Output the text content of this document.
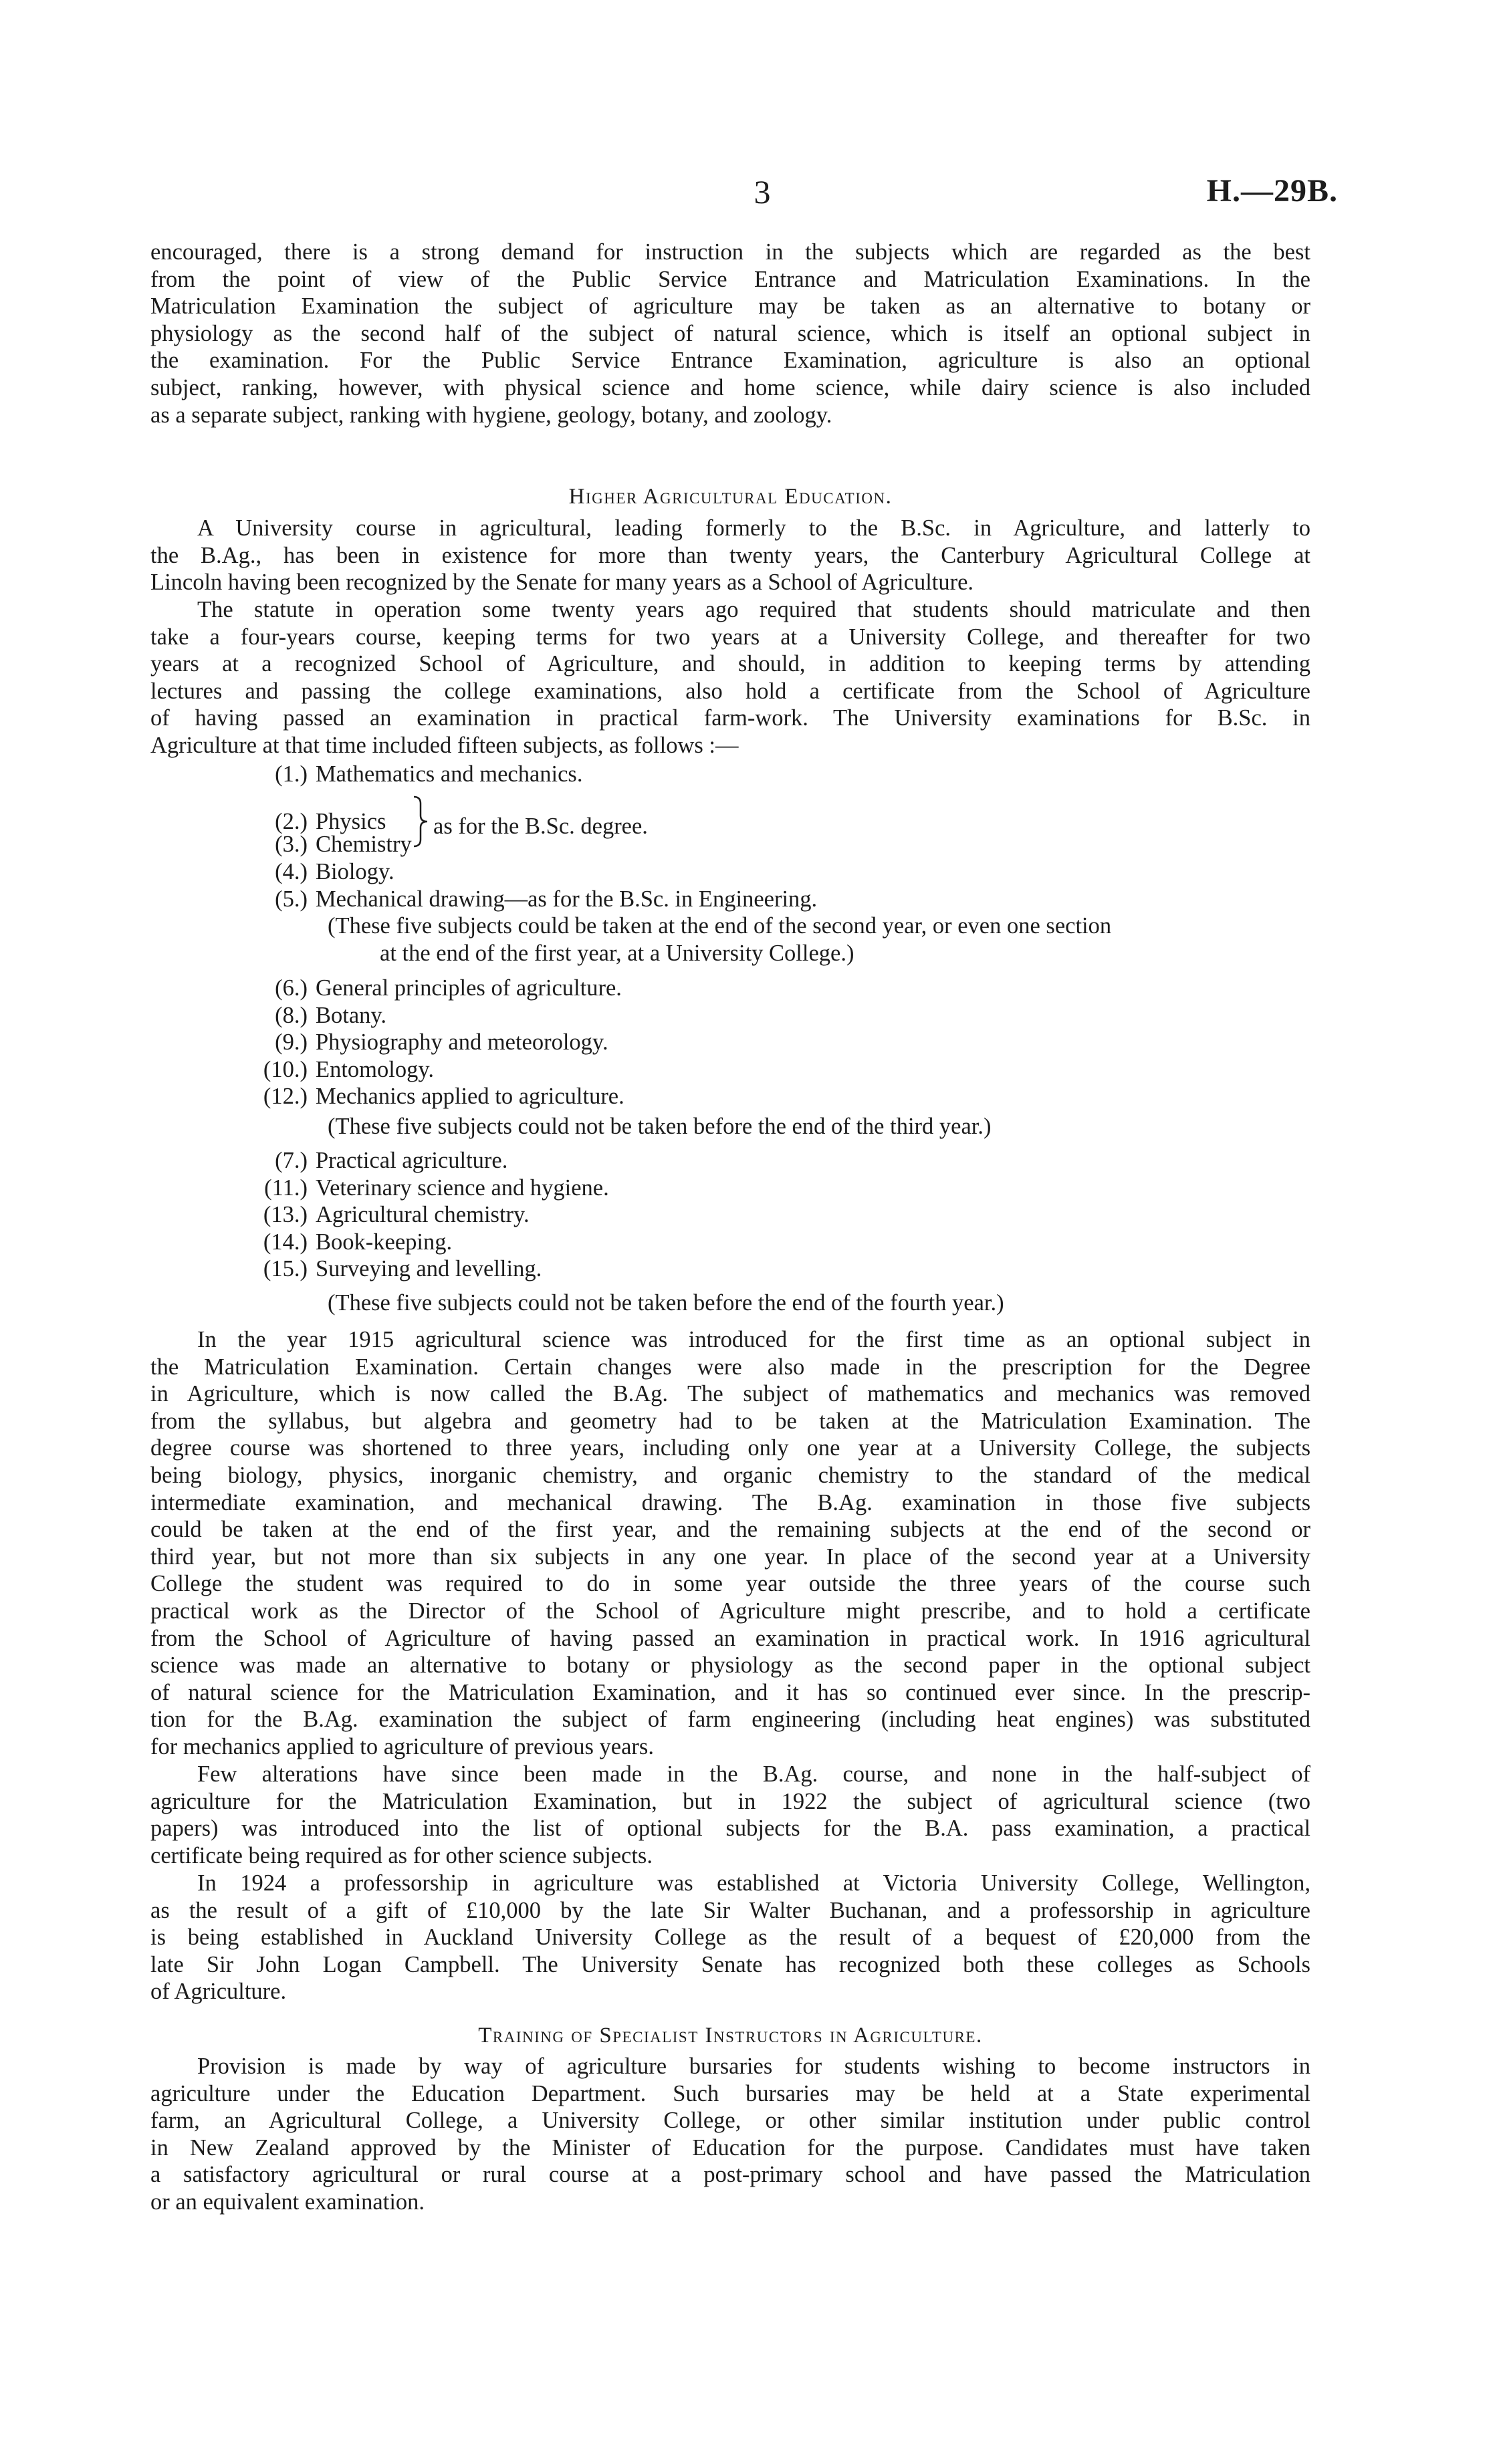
3	H.—29B.

encouraged, there is a strong demand for instruction in the subjects which are regarded as the best

from the point of view of the Public Service Entrance and Matriculation Examinations. In the

Matriculation Examination the subject of agriculture may be taken as an alternative to botany or

physiology as the second half of the subject of natural science, which is itself an optional subject in

the examination. For the Public Service Entrance Examination, agriculture is also an optional

subject, ranking, however, with physical science and home science, while dairy science is also included

as a separate subject, ranking with hygiene, geology, botany, and zoology.

Higher Agricultural Education.

A University course in agricultural, leading formerly to the B.Sc. in Agriculture, and latterly to

the B.Ag., has been in existence for more than twenty years, the Canterbury Agricultural College at

Lincoln having been recognized by the Senate for many years as a School of Agriculture.

The statute in operation some twenty years ago required that students should matriculate and then

take a four-years course, keeping terms for two years at a University College, and thereafter for two

years at a recognized School of Agriculture, and should, in addition to keeping terms by attending

lectures and passing the college examinations, also hold a certificate from the School of Agriculture

of having passed an examination in practical farm-work. The University examinations for B.Sc. in

Agriculture at that time included fifteen subjects, as follows :—

(1.) Mathematics and mechanics.
(2.) Physics
(3.) Chemistry
as for the B.Sc. degree.
(4.) Biology.
(5.) Mechanical drawing—as for the B.Sc. in Engineering.
(These five subjects could be taken at the end of the second year, or even one section
at the end of the first year, at a University College.)
(6.) General principles of agriculture.
(8.) Botany.
(9.) Physiography and meteorology.
(10.) Entomology.
(12.) Mechanics applied to agriculture.
(These five subjects could not be taken before the end of the third year.)
(7.) Practical agriculture.
(11.) Veterinary science and hygiene.
(13.) Agricultural chemistry.
(14.) Book-keeping.
(15.) Surveying and levelling.
(These five subjects could not be taken before the end of the fourth year.)

In the year 1915 agricultural science was introduced for the first time as an optional subject in

the Matriculation Examination. Certain changes were also made in the prescription for the Degree

in Agriculture, which is now called the B.Ag. The subject of mathematics and mechanics was removed

from the syllabus, but algebra and geometry had to be taken at the Matriculation Examination. The

degree course was shortened to three years, including only one year at a University College, the subjects

being biology, physics, inorganic chemistry, and organic chemistry to the standard of the medical

intermediate examination, and mechanical drawing. The B.Ag. examination in those five subjects

could be taken at the end of the first year, and the remaining subjects at the end of the second or

third year, but not more than six subjects in any one year. In place of the second year at a University

College the student was required to do in some year outside the three years of the course such

practical work as the Director of the School of Agriculture might prescribe, and to hold a certificate

from the School of Agriculture of having passed an examination in practical work. In 1916 agricultural

science was made an alternative to botany or physiology as the second paper in the optional subject

of natural science for the Matriculation Examination, and it has so continued ever since. In the prescrip-

tion for the B.Ag. examination the subject of farm engineering (including heat engines) was substituted

for mechanics applied to agriculture of previous years.

Few alterations have since been made in the B.Ag. course, and none in the half-subject of

agriculture for the Matriculation Examination, but in 1922 the subject of agricultural science (two

papers) was introduced into the list of optional subjects for the B.A. pass examination, a practical

certificate being required as for other science subjects.

In 1924 a professorship in agriculture was established at Victoria University College, Wellington,

as the result of a gift of £10,000 by the late Sir Walter Buchanan, and a professorship in agriculture

is being established in Auckland University College as the result of a bequest of £20,000 from the

late Sir John Logan Campbell. The University Senate has recognized both these colleges as Schools

of Agriculture.

Training of Specialist Instructors in Agriculture.

Provision is made by way of agriculture bursaries for students wishing to become instructors in

agriculture under the Education Department. Such bursaries may be held at a State experimental

farm, an Agricultural College, a University College, or other similar institution under public control

in New Zealand approved by the Minister of Education for the purpose. Candidates must have taken

a satisfactory agricultural or rural course at a post-primary school and have passed the Matriculation

or an equivalent examination.
